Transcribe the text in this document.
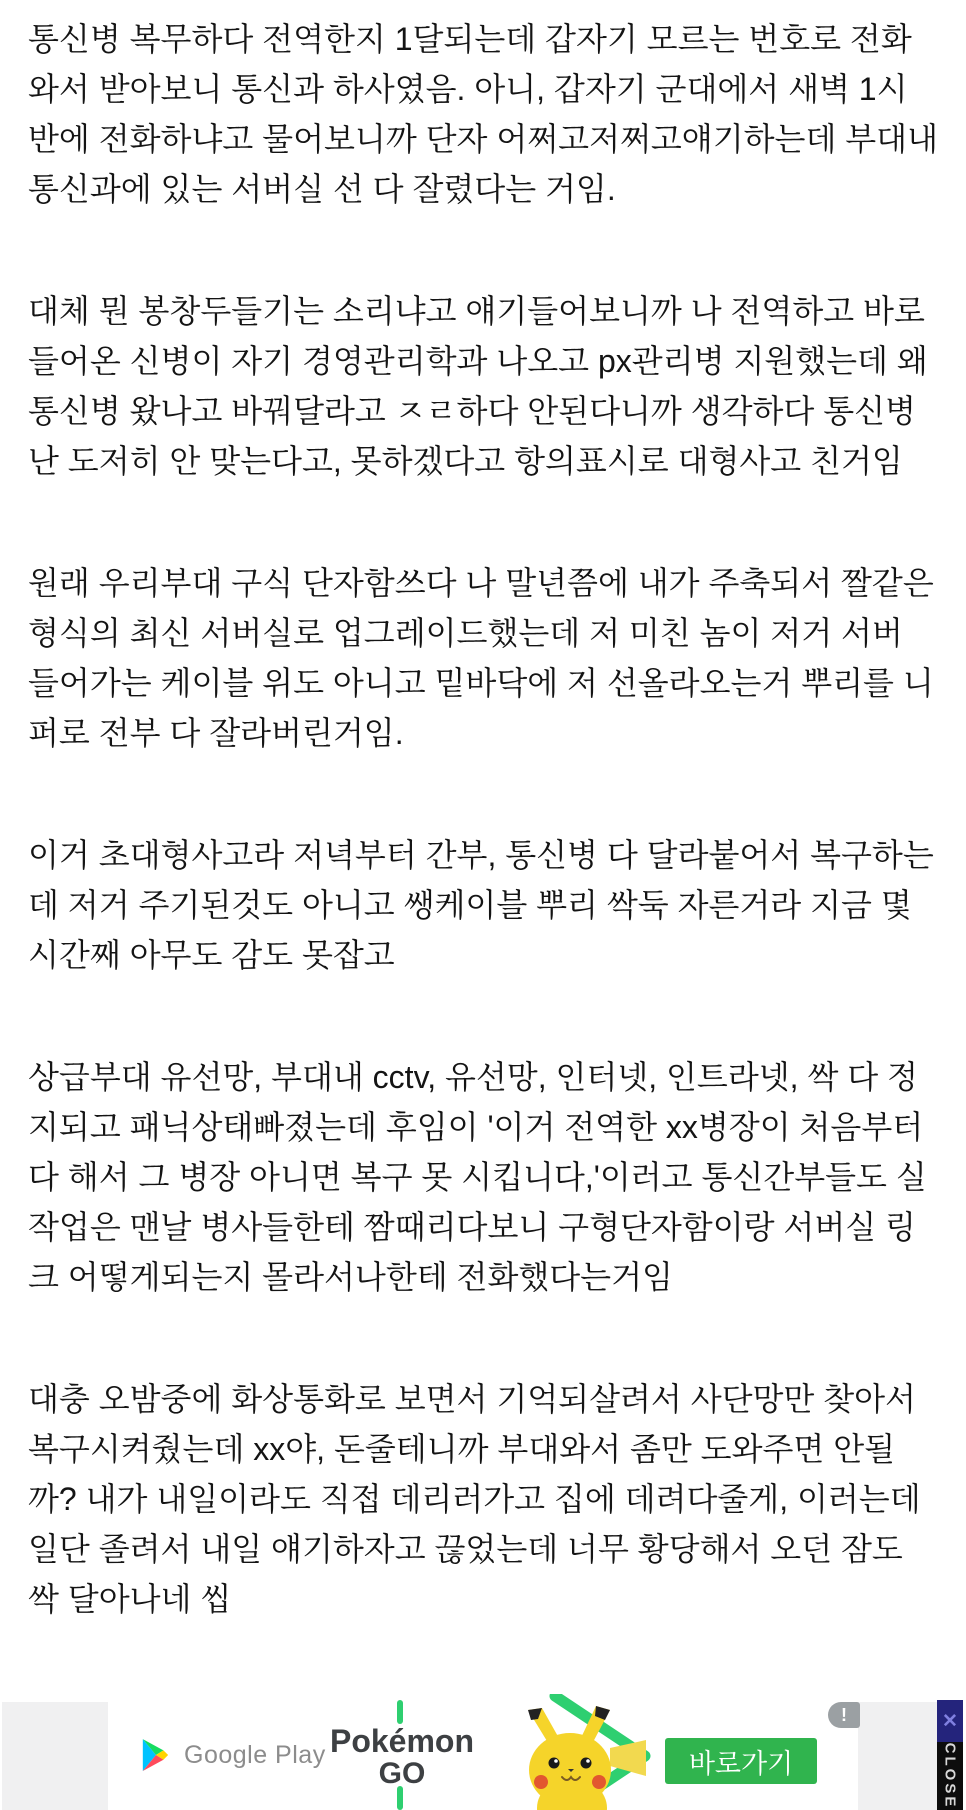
통신병 복무하다 전역한지 1달되는데 갑자기 모르는 번호로 전화와서 받아보니 통신과 하사였음. 아니, 갑자기 군대에서 새벽 1시 반에 전화하냐고 물어보니까 단자 어쩌고저쩌고얘기하는데 부대내 통신과에 있는 서버실 선 다 잘렸다는 거임.

대체 뭔 봉창두들기는 소리냐고 얘기들어보니까 나 전역하고 바로 들어온 신병이 자기 경영관리학과 나오고 px관리병 지원했는데 왜 통신병 왔나고 바꿔달라고 ㅈㄹ하다 안된다니까 생각하다 통신병 난 도저히 안 맞는다고, 못하겠다고 항의표시로 대형사고 친거임

원래 우리부대 구식 단자함쓰다 나 말년쯤에 내가 주축되서 짤같은 형식의 최신 서버실로 업그레이드했는데 저 미친 놈이 저거 서버 들어가는 케이블 위도 아니고 밑바닥에 저 선올라오는거 뿌리를 니퍼로 전부 다 잘라버린거임.

이거 초대형사고라 저녁부터 간부, 통신병 다 달라붙어서 복구하는데 저거 주기된것도 아니고 쌩케이블 뿌리 싹둑 자른거라 지금 몇시간째 아무도 감도 못잡고

상급부대 유선망, 부대내 cctv, 유선망, 인터넷, 인트라넷, 싹 다 정지되고 패닉상태빠졌는데 후임이 '이거 전역한 xx병장이 처음부터 다 해서 그 병장 아니면 복구 못 시킵니다,'이러고 통신간부들도 실작업은 맨날 병사들한테 짬때리다보니 구형단자함이랑 서버실 링크 어떻게되는지 몰라서나한테 전화했다는거임

대충 오밤중에 화상통화로 보면서 기억되살려서 사단망만 찾아서 복구시켜줬는데 xx야, 돈줄테니까 부대와서 좀만 도와주면 안될까? 내가 내일이라도 직접 데리러가고 집에 데려다줄게, 이러는데 일단 졸려서 내일 얘기하자고 끊었는데 너무 황당해서 오던 잠도 싹 달아나네 씹

Google Play Pokémon
GO	바로가기
!	✕
CLOSE
